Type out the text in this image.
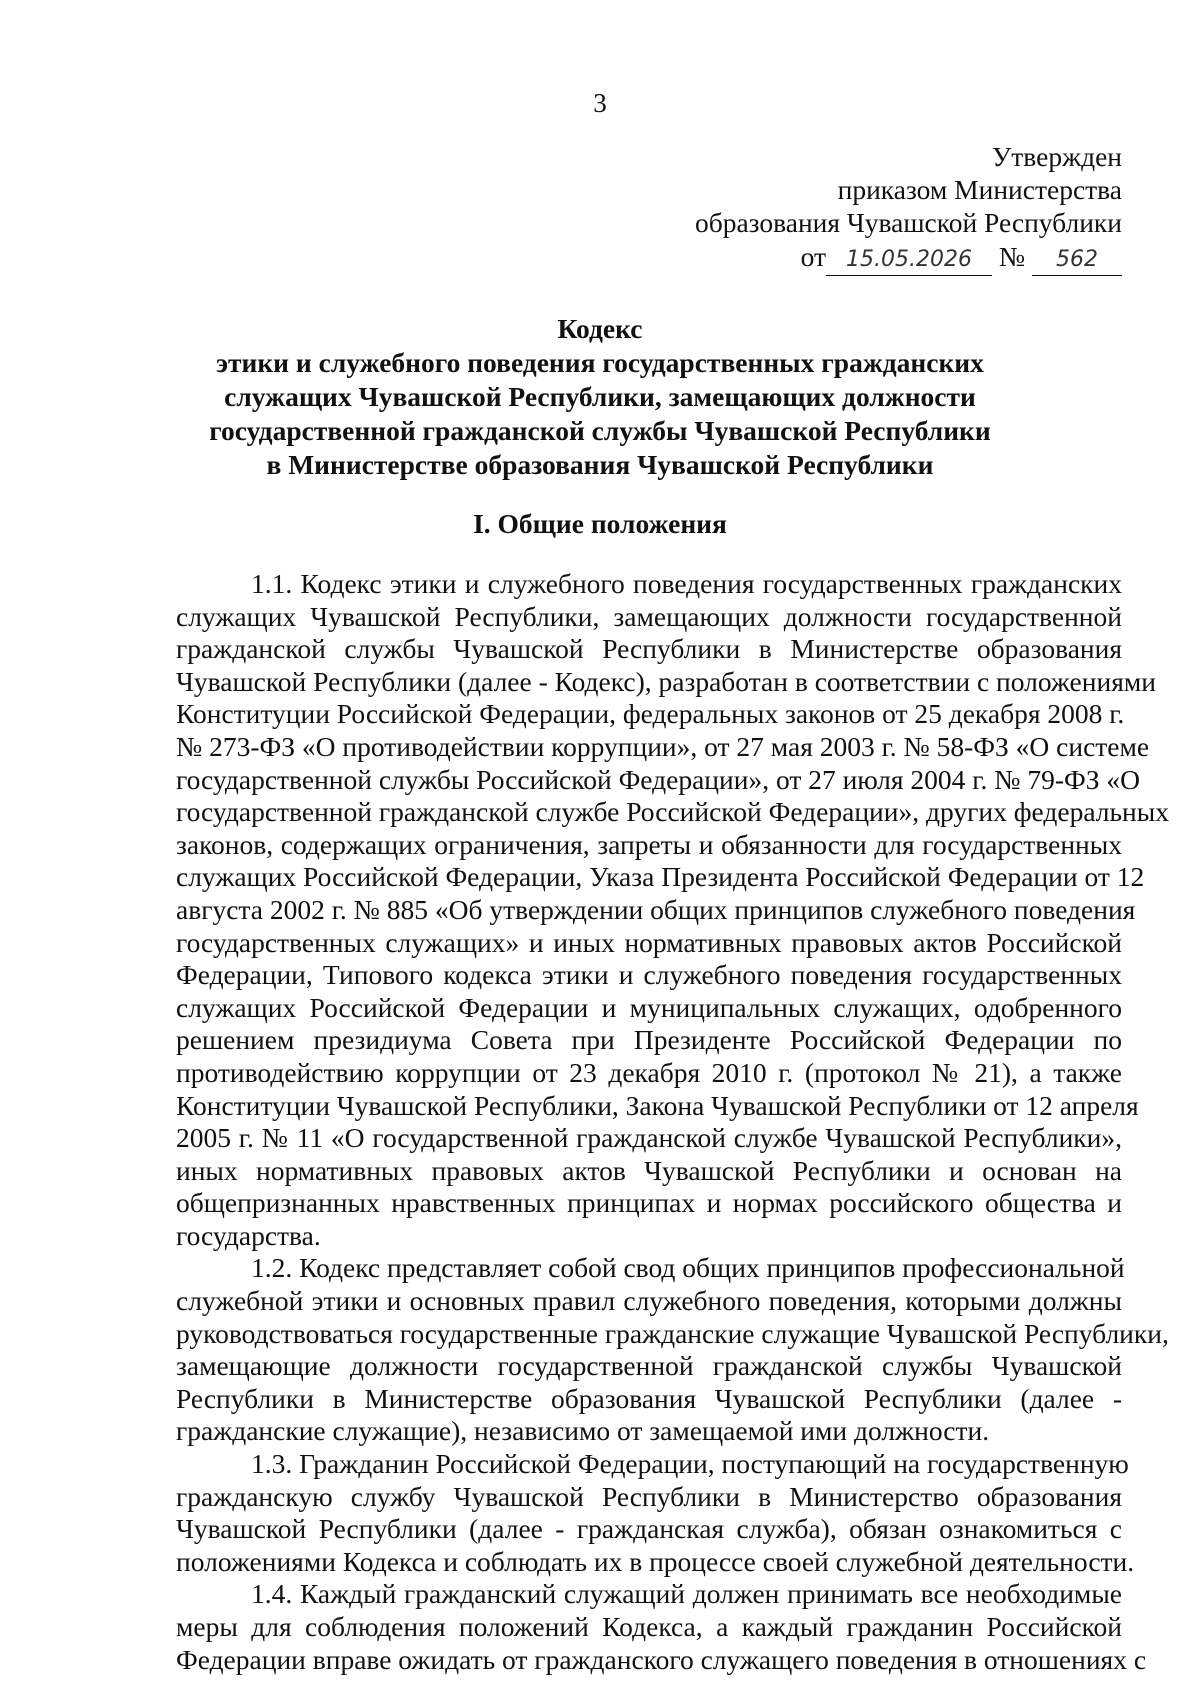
3
Утвержден
приказом Министерства
образования Чувашской Республики
от 15.05.2026 № 562
Кодекс
этики и служебного поведения государственных гражданских
служащих Чувашской Республики, замещающих должности
государственной гражданской службы Чувашской Республики
в Министерстве образования Чувашской Республики
I. Общие положения
1.1. Кодекс этики и служебного поведения государственных гражданских
служащих Чувашской Республики, замещающих должности государственной
гражданской службы Чувашской Республики в Министерстве образования
Чувашской Республики (далее - Кодекс), разработан в соответствии с положениями
Конституции Российской Федерации, федеральных законов от 25 декабря 2008 г.
№ 273-ФЗ «О противодействии коррупции», от 27 мая 2003 г. № 58-ФЗ «О системе
государственной службы Российской Федерации», от 27 июля 2004 г. № 79-ФЗ «О
государственной гражданской службе Российской Федерации», других федеральных
законов, содержащих ограничения, запреты и обязанности для государственных
служащих Российской Федерации, Указа Президента Российской Федерации от 12
августа 2002 г. № 885 «Об утверждении общих принципов служебного поведения
государственных служащих» и иных нормативных правовых актов Российской
Федерации, Типового кодекса этики и служебного поведения государственных
служащих Российской Федерации и муниципальных служащих, одобренного
решением президиума Совета при Президенте Российской Федерации по
противодействию коррупции от 23 декабря 2010 г. (протокол № 21), а также
Конституции Чувашской Республики, Закона Чувашской Республики от 12 апреля
2005 г. № 11 «О государственной гражданской службе Чувашской Республики»,
иных нормативных правовых актов Чувашской Республики и основан на
общепризнанных нравственных принципах и нормах российского общества и
государства.
1.2. Кодекс представляет собой свод общих принципов профессиональной
служебной этики и основных правил служебного поведения, которыми должны
руководствоваться государственные гражданские служащие Чувашской Республики,
замещающие должности государственной гражданской службы Чувашской
Республики в Министерстве образования Чувашской Республики (далее -
гражданские служащие), независимо от замещаемой ими должности.
1.3. Гражданин Российской Федерации, поступающий на государственную
гражданскую службу Чувашской Республики в Министерство образования
Чувашской Республики (далее - гражданская служба), обязан ознакомиться с
положениями Кодекса и соблюдать их в процессе своей служебной деятельности.
1.4. Каждый гражданский служащий должен принимать все необходимые
меры для соблюдения положений Кодекса, а каждый гражданин Российской
Федерации вправе ожидать от гражданского служащего поведения в отношениях с
